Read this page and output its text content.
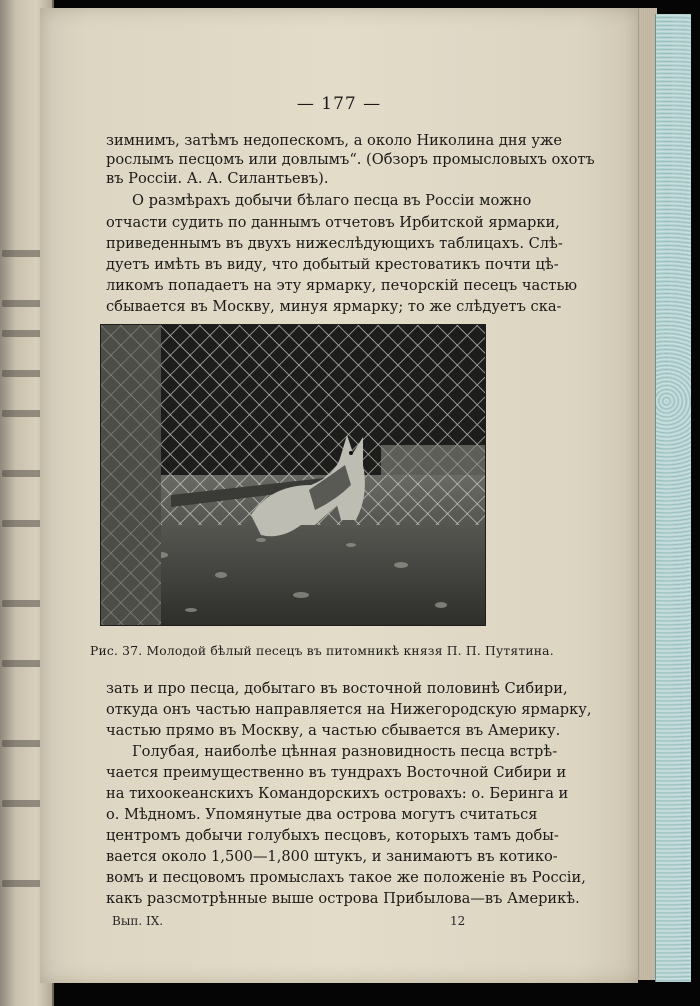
— 177 —
зимнимъ, затѣмъ недопескомъ, а около Николина дня уже
рослымъ песцомъ или довлымъ“. (Обзоръ промысловыхъ охотъ
въ Россіи. А. А. Силантьевъ).
О размѣрахъ добычи бѣлаго песца въ Россіи можно
отчасти судить по даннымъ отчетовъ Ирбитской ярмарки,
приведеннымъ въ двухъ нижеслѣдующихъ таблицахъ. Слѣ-
дуетъ имѣть въ виду, что добытый крестоватикъ почти цѣ-
ликомъ попадаетъ на эту ярмарку, печорскій песецъ частью
сбывается въ Москву, минуя ярмарку; то же слѣдуетъ ска-
Рис. 37. Молодой бѣлый песецъ въ питомникѣ князя П. П. Путятина.
зать и про песца, добытаго въ восточной половинѣ Сибири,
откуда онъ частью направляется на Нижегородскую ярмарку,
частью прямо въ Москву, а частью сбывается въ Америку.
Голубая, наиболѣе цѣнная разновидность песца встрѣ-
чается преимущественно въ тундрахъ Восточной Сибири и
на тихоокеанскихъ Командорскихъ островахъ: о. Беринга и
о. Мѣдномъ. Упомянутые два острова могутъ считаться
центромъ добычи голубыхъ песцовъ, которыхъ тамъ добы-
вается около 1,500—1,800 штукъ, и занимаютъ въ котико-
вомъ и песцовомъ промыслахъ такое же положеніе въ Россіи,
какъ разсмотрѣнные выше острова Прибылова—въ Америкѣ.
Вып. IX.	12
